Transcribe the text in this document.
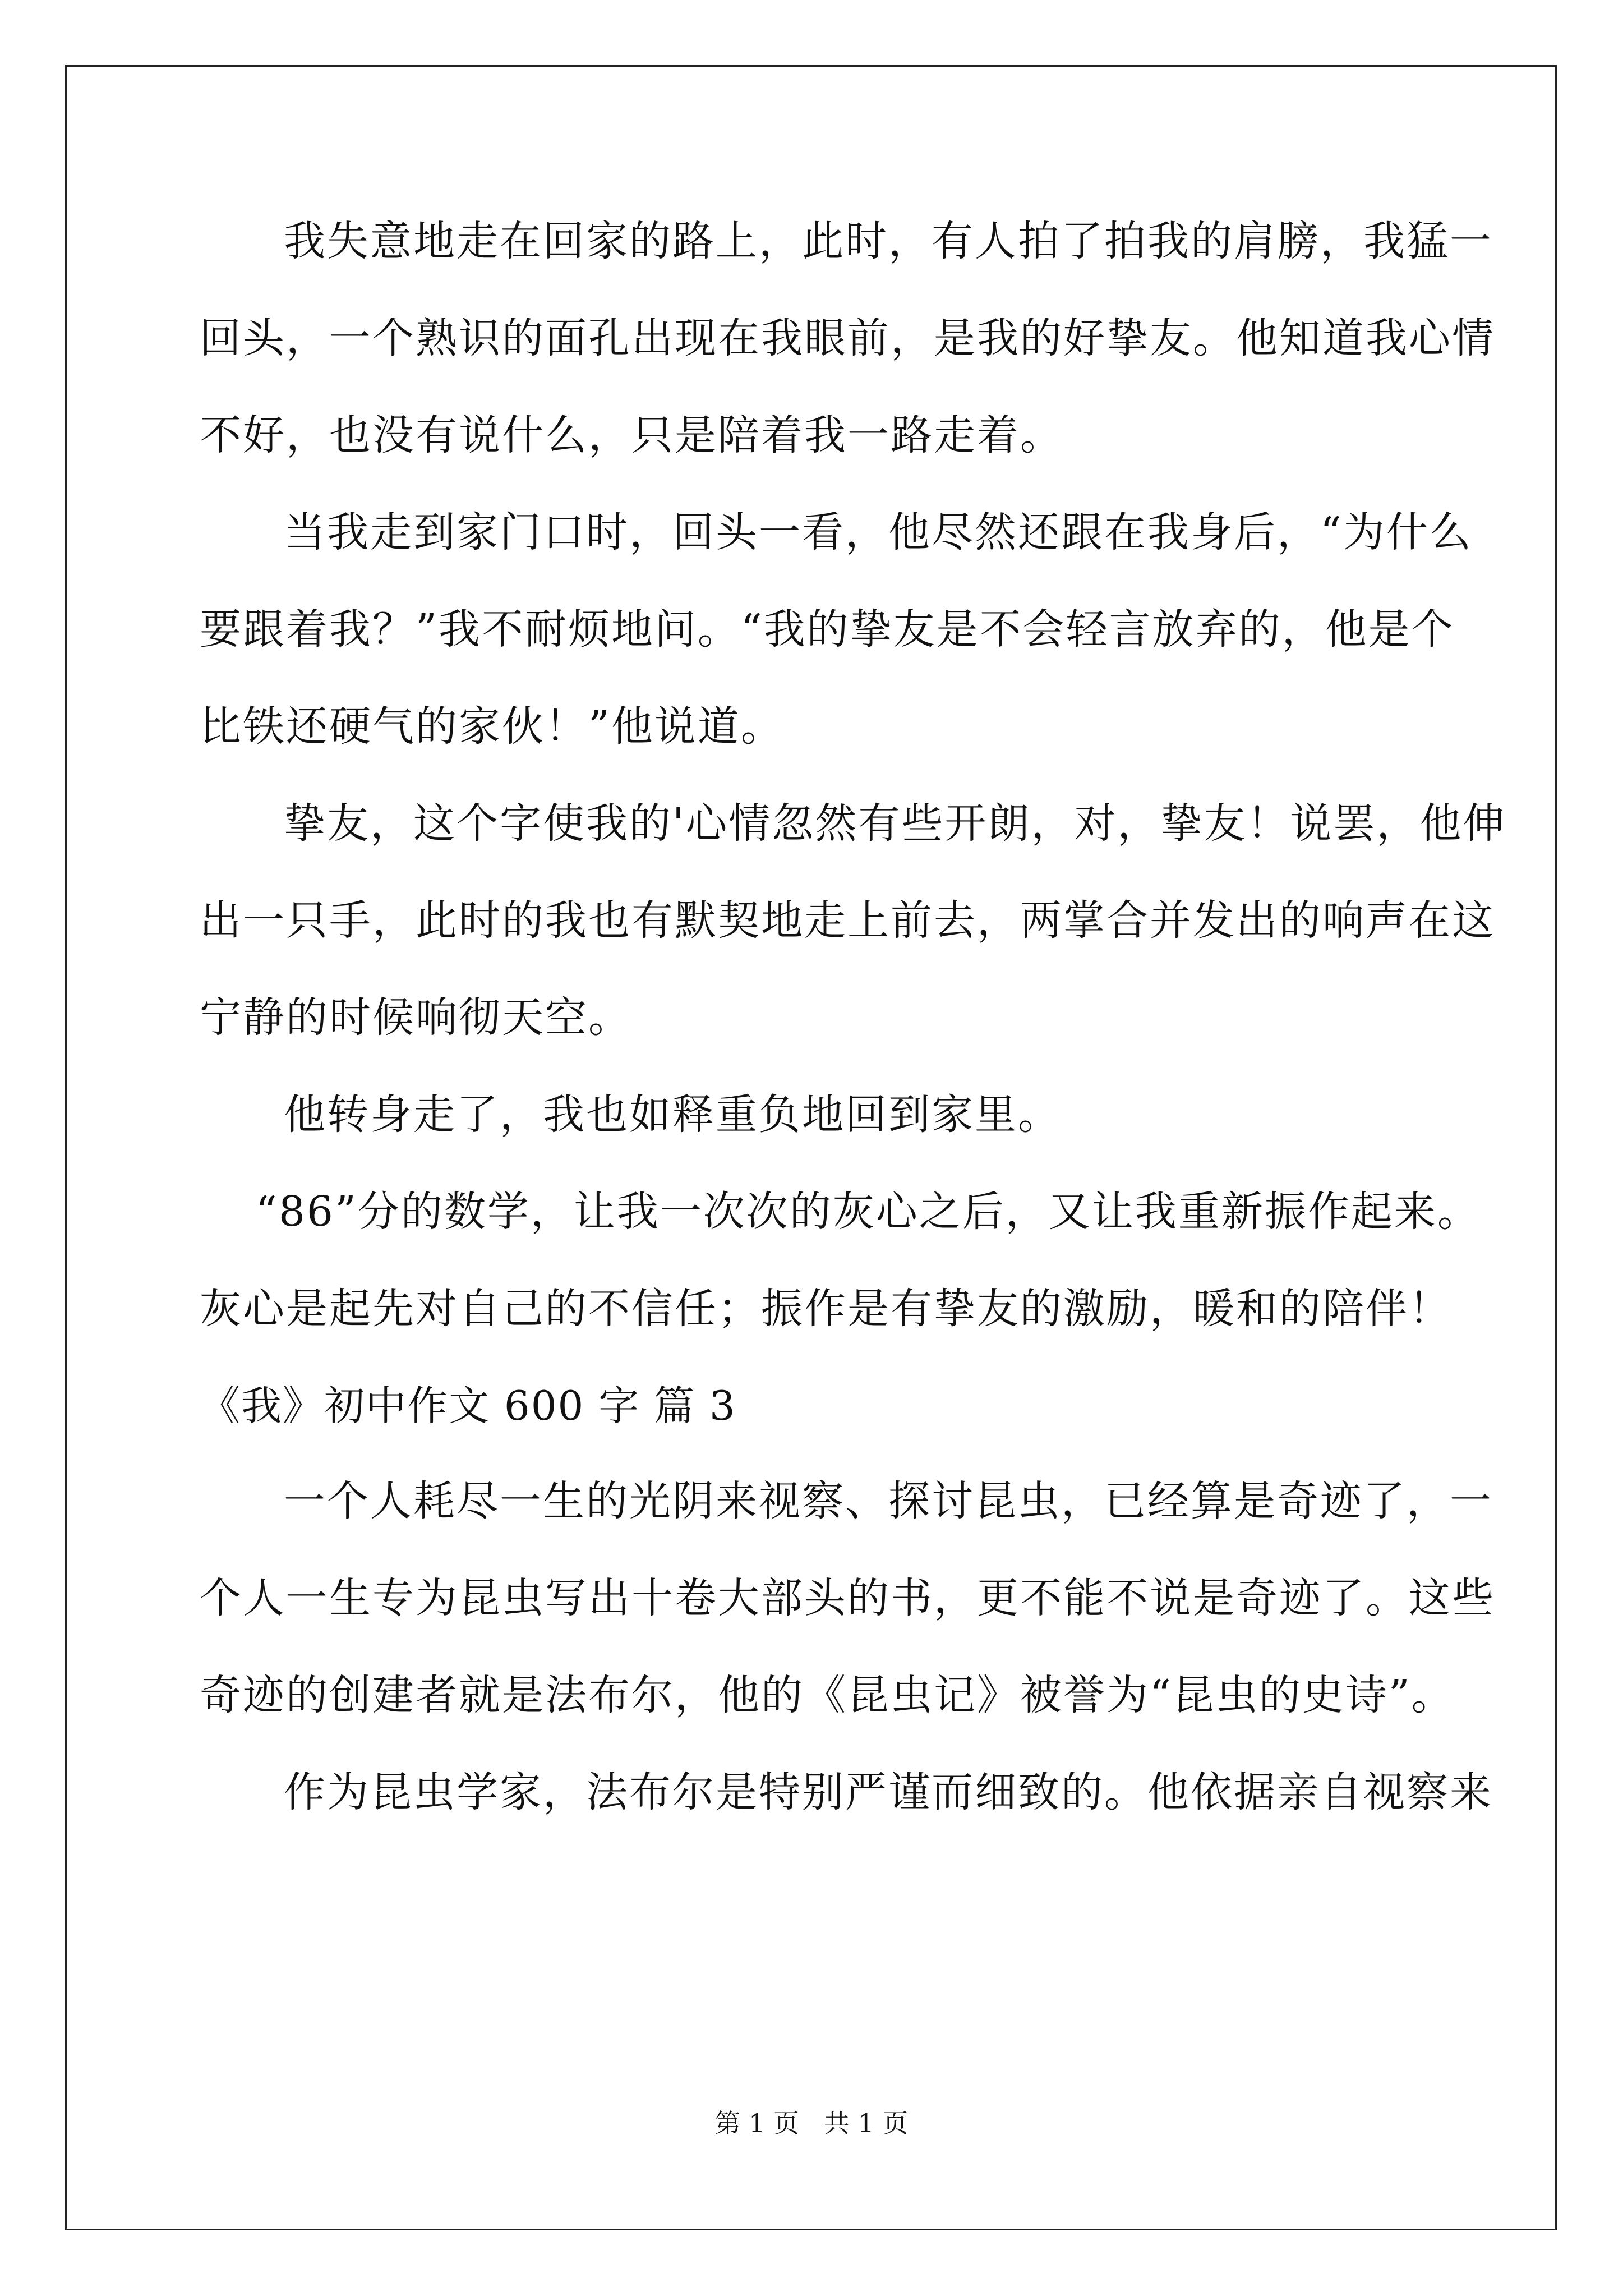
我失意地走在回家的路上，此时，有人拍了拍我的肩膀，我猛一

回头，一个熟识的面孔出现在我眼前，是我的好挚友。他知道我心情

不好，也没有说什么，只是陪着我一路走着。

当我走到家门口时，回头一看，他尽然还跟在我身后，“为什么

要跟着我？”我不耐烦地问。“我的挚友是不会轻言放弃的，他是个

比铁还硬气的家伙！”他说道。

挚友，这个字使我的'心情忽然有些开朗，对，挚友！说罢，他伸

出一只手，此时的我也有默契地走上前去，两掌合并发出的响声在这

宁静的时候响彻天空。

他转身走了，我也如释重负地回到家里。

“86”分的数学，让我一次次的灰心之后，又让我重新振作起来。

灰心是起先对自己的不信任；振作是有挚友的激励，暖和的陪伴！

《我》初中作文 600 字 篇 3

一个人耗尽一生的光阴来视察、探讨昆虫，已经算是奇迹了，一

个人一生专为昆虫写出十卷大部头的书，更不能不说是奇迹了。这些

奇迹的创建者就是法布尔，他的《昆虫记》被誉为“昆虫的史诗”。

作为昆虫学家，法布尔是特别严谨而细致的。他依据亲自视察来

第 1 页   共 1 页
